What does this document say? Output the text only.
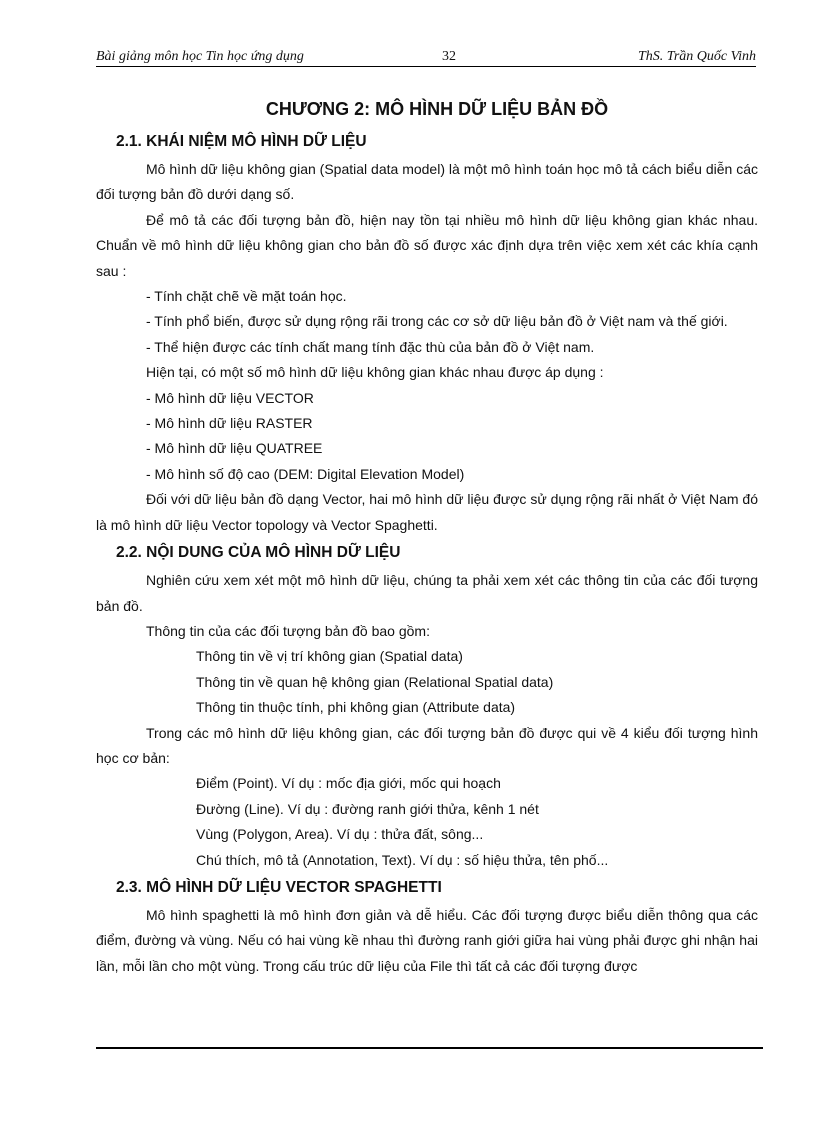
Bài giảng môn học Tin học ứng dụng	32	ThS. Trần Quốc Vinh
CHƯƠNG 2: MÔ HÌNH DỮ LIỆU BẢN ĐỒ
2.1. KHÁI NIỆM MÔ HÌNH DỮ LIỆU

Mô hình dữ liệu không gian (Spatial data model) là một mô hình toán học mô tả cách biểu diễn các đối tượng bản đồ dưới dạng số.

Để mô tả các đối tượng bản đồ, hiện nay tồn tại nhiều mô hình dữ liệu không gian khác nhau. Chuẩn về mô hình dữ liệu không gian cho bản đồ số được xác định dựa trên việc xem xét các khía cạnh sau :

- Tính chặt chẽ về mặt toán học.

- Tính phổ biến, được sử dụng rộng rãi trong các cơ sở dữ liệu bản đồ ở Việt nam và thế giới.

- Thể hiện được các tính chất mang tính đặc thù của bản đồ ở Việt nam.

Hiện tại, có một số mô hình dữ liệu không gian khác nhau được áp dụng :

- Mô hình dữ liệu VECTOR

- Mô hình dữ liệu RASTER

- Mô hình dữ liệu QUATREE

- Mô hình số độ cao (DEM: Digital Elevation Model)

Đối với dữ liệu bản đồ dạng Vector, hai mô hình dữ liệu được sử dụng rộng rãi nhất ở Việt Nam đó là mô hình dữ liệu Vector topology và Vector Spaghetti.

2.2. NỘI DUNG CỦA MÔ HÌNH DỮ LIỆU

Nghiên cứu xem xét một mô hình dữ liệu, chúng ta phải xem xét các thông tin của các đối tượng bản đồ.

Thông tin của các đối tượng bản đồ bao gồm:

Thông tin về vị trí không gian (Spatial data)

Thông tin về quan hệ không gian (Relational Spatial data)

Thông tin thuộc tính, phi không gian (Attribute data)

Trong các mô hình dữ liệu không gian, các đối tượng bản đồ được qui về 4 kiểu đối tượng hình học cơ bản:

Điểm (Point). Ví dụ : mốc địa giới, mốc qui hoạch

Đường (Line). Ví dụ : đường ranh giới thửa, kênh 1 nét

Vùng (Polygon, Area). Ví dụ : thửa đất, sông...

Chú thích, mô tả (Annotation, Text). Ví dụ : số hiệu thửa, tên phố...

2.3. MÔ HÌNH DỮ LIỆU VECTOR SPAGHETTI

Mô hình spaghetti là mô hình đơn giản và dễ hiểu. Các đối tượng được biểu diễn thông qua các điểm, đường và vùng. Nếu có hai vùng kề nhau thì đường ranh giới giữa hai vùng phải được ghi nhận hai lần, mỗi lần cho một vùng. Trong cấu trúc dữ liệu của File thì tất cả các đối tượng được
